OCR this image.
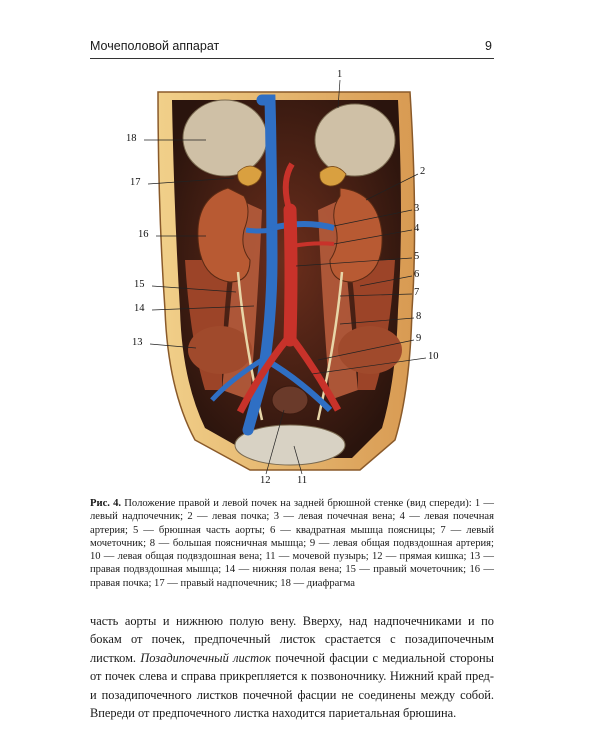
Мочеполовой аппарат	9
1
2
3
4
5
6
7
8
9
10
11
12
13
14
15
16
17
18
Рис. 4. Положение правой и левой почек на задней брюшной стенке (вид спереди): 1 — левый надпочечник; 2 — левая почка; 3 — левая почечная вена; 4 — левая почечная артерия; 5 — брюшная часть аорты; 6 — квадратная мышца поясницы; 7 — левый мочеточник; 8 — большая поясничная мышца; 9 — левая общая подвздошная артерия; 10 — левая общая подвздошная вена; 11 — мочевой пузырь; 12 — прямая кишка; 13 — правая подвздошная мышца; 14 — нижняя полая вена; 15 — правый мочеточник; 16 — правая почка; 17 — правый надпочечник; 18 — диафрагма

часть аорты и нижнюю полую вену. Вверху, над надпочечниками и по бокам от почек, предпочечный листок срастается с позадипочечным листком. Позадипочечный листок почечной фасции с медиальной стороны от почек слева и справа прикрепляется к позвоночнику. Нижний край пред- и позадипочечного листков почечной фасции не соединены между собой. Впереди от предпочечного листка находится париетальная брюшина.
